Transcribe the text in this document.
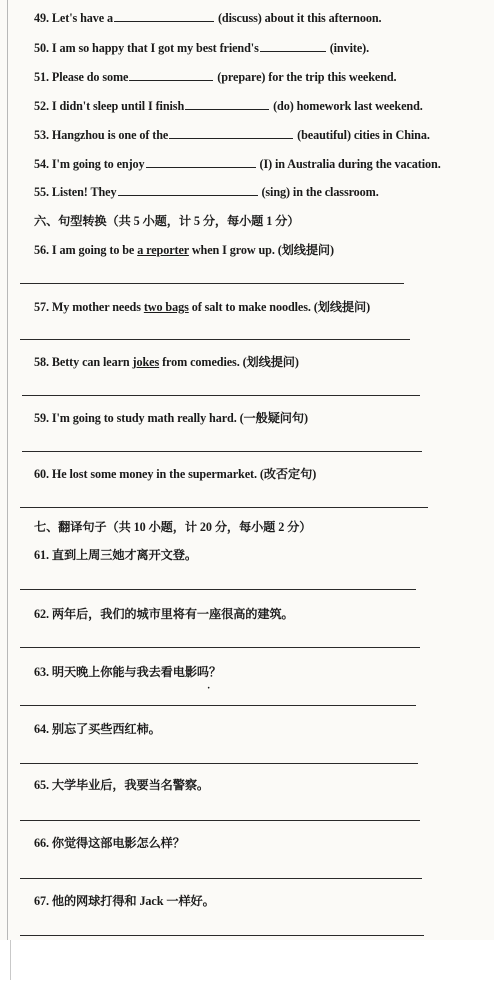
49. Let's have a	(discuss) about it this afternoon.
50. I am so happy that I got my best friend's	(invite).
51. Please do some	(prepare) for the trip this weekend.
52. I didn't sleep until I finish	(do) homework last weekend.
53. Hangzhou is one of the	(beautiful) cities in China.
54. I'm going to enjoy	(I) in Australia during the vacation.
55. Listen! They	(sing) in the classroom.
六、句型转换（共 5 小题，计 5 分，每小题 1 分）
56. I am going to be a reporter when I grow up. (划线提问)
57. My mother needs two bags of salt to make noodles. (划线提问)
58. Betty can learn jokes from comedies. (划线提问)
59. I'm going to study math really hard. (一般疑问句)
60. He lost some money in the supermarket. (改否定句)
七、翻译句子（共 10 小题，计 20 分，每小题 2 分）
61. 直到上周三她才离开文登。
62. 两年后，我们的城市里将有一座很高的建筑。
63. 明天晚上你能与我去看电影吗？
·
64. 别忘了买些西红柿。
65. 大学毕业后，我要当名警察。
66. 你觉得这部电影怎么样？
67. 他的网球打得和 Jack 一样好。
